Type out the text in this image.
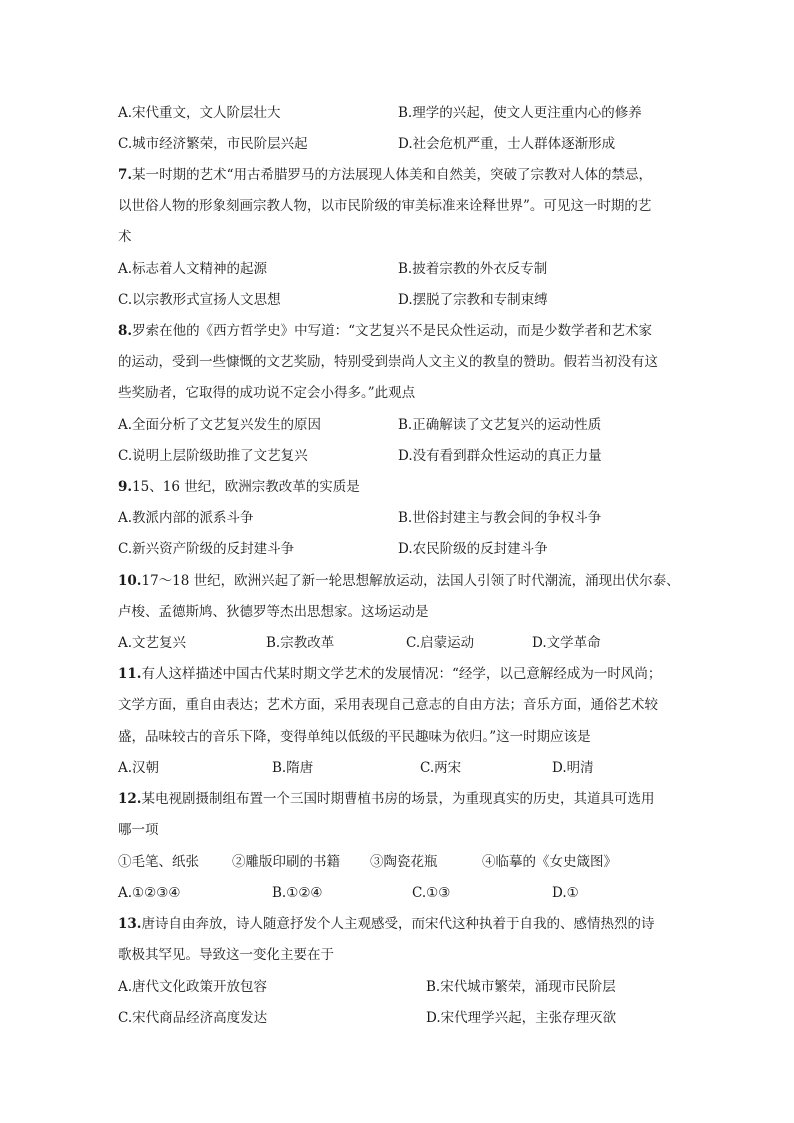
A.宋代重文，文人阶层壮大	B.理学的兴起，使文人更注重内心的修养
C.城市经济繁荣，市民阶层兴起	D.社会危机严重，士人群体逐渐形成
7.某一时期的艺术“用古希腊罗马的方法展现人体美和自然美，突破了宗教对人体的禁忌，
以世俗人物的形象刻画宗教人物，以市民阶级的审美标准来诠释世界”。可见这一时期的艺
术
A.标志着人文精神的起源	B.披着宗教的外衣反专制
C.以宗教形式宣扬人文思想	D.摆脱了宗教和专制束缚
8.罗索在他的《西方哲学史》中写道：“文艺复兴不是民众性运动，而是少数学者和艺术家
的运动，受到一些慷慨的文艺奖励，特别受到崇尚人文主义的教皇的赞助。假若当初没有这
些奖励者，它取得的成功说不定会小得多。”此观点
A.全面分析了文艺复兴发生的原因	B.正确解读了文艺复兴的运动性质
C.说明上层阶级助推了文艺复兴	D.没有看到群众性运动的真正力量
9.15、16 世纪，欧洲宗教改革的实质是
A.教派内部的派系斗争	B.世俗封建主与教会间的争权斗争
C.新兴资产阶级的反封建斗争	D.农民阶级的反封建斗争
10.17～18 世纪，欧洲兴起了新一轮思想解放运动，法国人引领了时代潮流，涌现出伏尔泰、
卢梭、孟德斯鸠、狄德罗等杰出思想家。这场运动是
A.文艺复兴	B.宗教改革	C.启蒙运动	D.文学革命
11.有人这样描述中国古代某时期文学艺术的发展情况：“经学，以己意解经成为一时风尚；
文学方面，重自由表达；艺术方面，采用表现自己意志的自由方法；音乐方面，通俗艺术较
盛，品味较古的音乐下降，变得单纯以低级的平民趣味为依归。”这一时期应该是
A.汉朝	B.隋唐	C.两宋	D.明清
12.某电视剧摄制组布置一个三国时期曹植书房的场景，为重现真实的历史，其道具可选用
哪一项
①毛笔、纸张 ②雕版印刷的书籍 ③陶瓷花瓶	④临摹的《女史箴图》
A.①②③④	B.①②④	C.①③	D.①
13.唐诗自由奔放，诗人随意抒发个人主观感受，而宋代这种执着于自我的、感情热烈的诗
歌极其罕见。导致这一变化主要在于
A.唐代文化政策开放包容	B.宋代城市繁荣，涌现市民阶层
C.宋代商品经济高度发达	D.宋代理学兴起，主张存理灭欲
